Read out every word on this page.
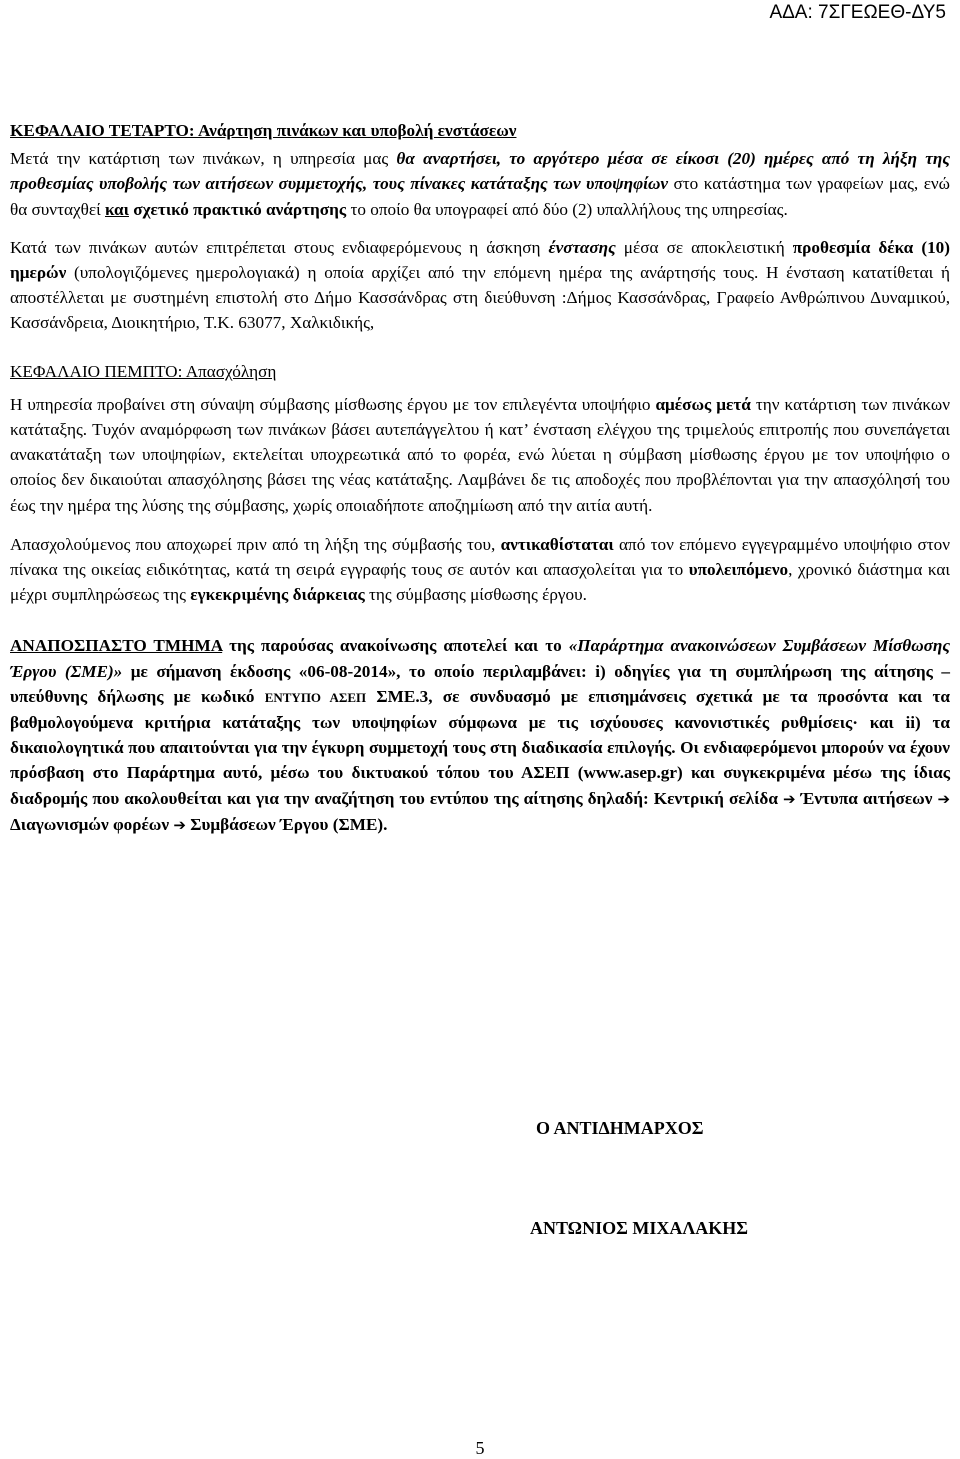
ΑΔΑ: 7ΣΓΕΩΕΘ-ΔΥ5

ΚΕΦΑΛΑΙΟ ΤΕΤΑΡΤΟ: Ανάρτηση πινάκων και υποβολή ενστάσεων

Μετά την κατάρτιση των πινάκων, η υπηρεσία μας θα αναρτήσει, το αργότερο μέσα σε είκοσι (20) ημέρες από τη λήξη της προθεσμίας υποβολής των αιτήσεων συμμετοχής, τους πίνακες κατάταξης των υποψηφίων στο κατάστημα των γραφείων μας, ενώ θα συνταχθεί και σχετικό πρακτικό ανάρτησης το οποίο θα υπογραφεί από δύο (2) υπαλλήλους της υπηρεσίας.

Κατά των πινάκων αυτών επιτρέπεται στους ενδιαφερόμενους η άσκηση ένστασης μέσα σε αποκλειστική προθεσμία δέκα (10) ημερών (υπολογιζόμενες ημερολογιακά) η οποία αρχίζει από την επόμενη ημέρα της ανάρτησής τους. Η ένσταση κατατίθεται ή αποστέλλεται με συστημένη επιστολή στο Δήμο Κασσάνδρας στη διεύθυνση :Δήμος Κασσάνδρας, Γραφείο Ανθρώπινου Δυναμικού, Κασσάνδρεια, Διοικητήριο, Τ.Κ. 63077, Χαλκιδικής,

ΚΕΦΑΛΑΙΟ ΠΕΜΠΤΟ: Απασχόληση

Η υπηρεσία προβαίνει στη σύναψη σύμβασης μίσθωσης έργου με τον επιλεγέντα υποψήφιο αμέσως μετά την κατάρτιση των πινάκων κατάταξης. Τυχόν αναμόρφωση των πινάκων βάσει αυτεπάγγελτου ή κατ’ ένσταση ελέγχου της τριμελούς επιτροπής που συνεπάγεται ανακατάταξη των υποψηφίων, εκτελείται υποχρεωτικά από το φορέα, ενώ λύεται η σύμβαση μίσθωσης έργου με τον υποψήφιο ο οποίος δεν δικαιούται απασχόλησης βάσει της νέας κατάταξης. Λαμβάνει δε τις αποδοχές που προβλέπονται για την απασχόλησή του έως την ημέρα της λύσης της σύμβασης, χωρίς οποιαδήποτε αποζημίωση από την αιτία αυτή.

Απασχολούμενος που αποχωρεί πριν από τη λήξη της σύμβασής του, αντικαθίσταται από τον επόμενο εγγεγραμμένο υποψήφιο στον πίνακα της οικείας ειδικότητας, κατά τη σειρά εγγραφής τους σε αυτόν και απασχολείται για το υπολειπόμενο, χρονικό διάστημα και μέχρι συμπληρώσεως της εγκεκριμένης διάρκειας της σύμβασης μίσθωσης έργου.

ΑΝΑΠΟΣΠΑΣΤΟ ΤΜΗΜΑ της παρούσας ανακοίνωσης αποτελεί και το «Παράρτημα ανακοινώσεων Συμβάσεων Μίσθωσης Έργου (ΣΜΕ)» με σήμανση έκδοσης «06-08-2014», το οποίο περιλαμβάνει: i) οδηγίες για τη συμπλήρωση της αίτησης – υπεύθυνης δήλωσης με κωδικό ΕΝΤΥΠΟ ΑΣΕΠ ΣΜΕ.3, σε συνδυασμό με επισημάνσεις σχετικά με τα προσόντα και τα βαθμολογούμενα κριτήρια κατάταξης των υποψηφίων σύμφωνα με τις ισχύουσες κανονιστικές ρυθμίσεις· και ii) τα δικαιολογητικά που απαιτούνται για την έγκυρη συμμετοχή τους στη διαδικασία επιλογής. Οι ενδιαφερόμενοι μπορούν να έχουν πρόσβαση στο Παράρτημα αυτό, μέσω του δικτυακού τόπου του ΑΣΕΠ (www.asep.gr) και συγκεκριμένα μέσω της ίδιας διαδρομής που ακολουθείται και για την αναζήτηση του εντύπου της αίτησης δηλαδή: Κεντρική σελίδα ➔ Έντυπα αιτήσεων ➔ Διαγωνισμών φορέων ➔ Συμβάσεων Έργου (ΣΜΕ).

Ο ΑΝΤΙΔΗΜΑΡΧΟΣ
ΑΝΤΩΝΙΟΣ ΜΙΧΑΛΑΚΗΣ
5
